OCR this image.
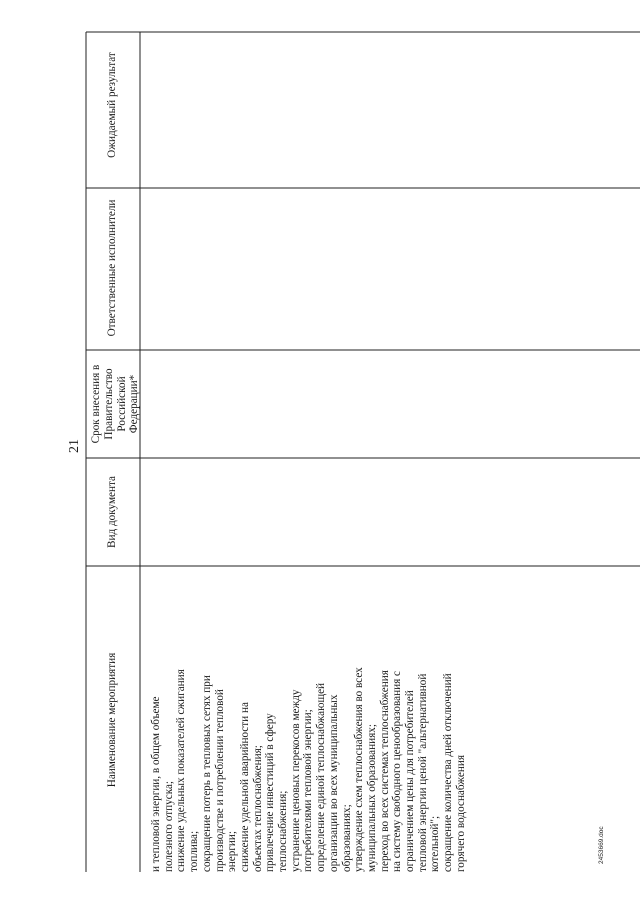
21
Ожидаемый результат
Ответственные исполнители
Срок внесения в Правительство Российской Федерации*
Вид документа
Наименование мероприятия	и тепловой энергии, в общем объеме полезного отпуска; снижение удельных показателей сжигания топлива; сокращение потерь в тепловых сетях при производстве и потреблении тепловой энергии; снижение удельной аварийности на объектах теплоснабжения; привлечение инвестиций в сферу теплоснабжения; устранение ценовых перекосов между потребителями тепловой энергии; определение единой теплоснабжающей организации во всех муниципальных образованиях; утверждение схем теплоснабжения во всех муниципальных образованиях; переход во всех системах теплоснабжения на систему свободного ценообразования с ограничением цены для потребителей тепловой энергии ценой "альтернативной котельной"; сокращение количества дней отключений горячего водоснабжения	2453669.doc
